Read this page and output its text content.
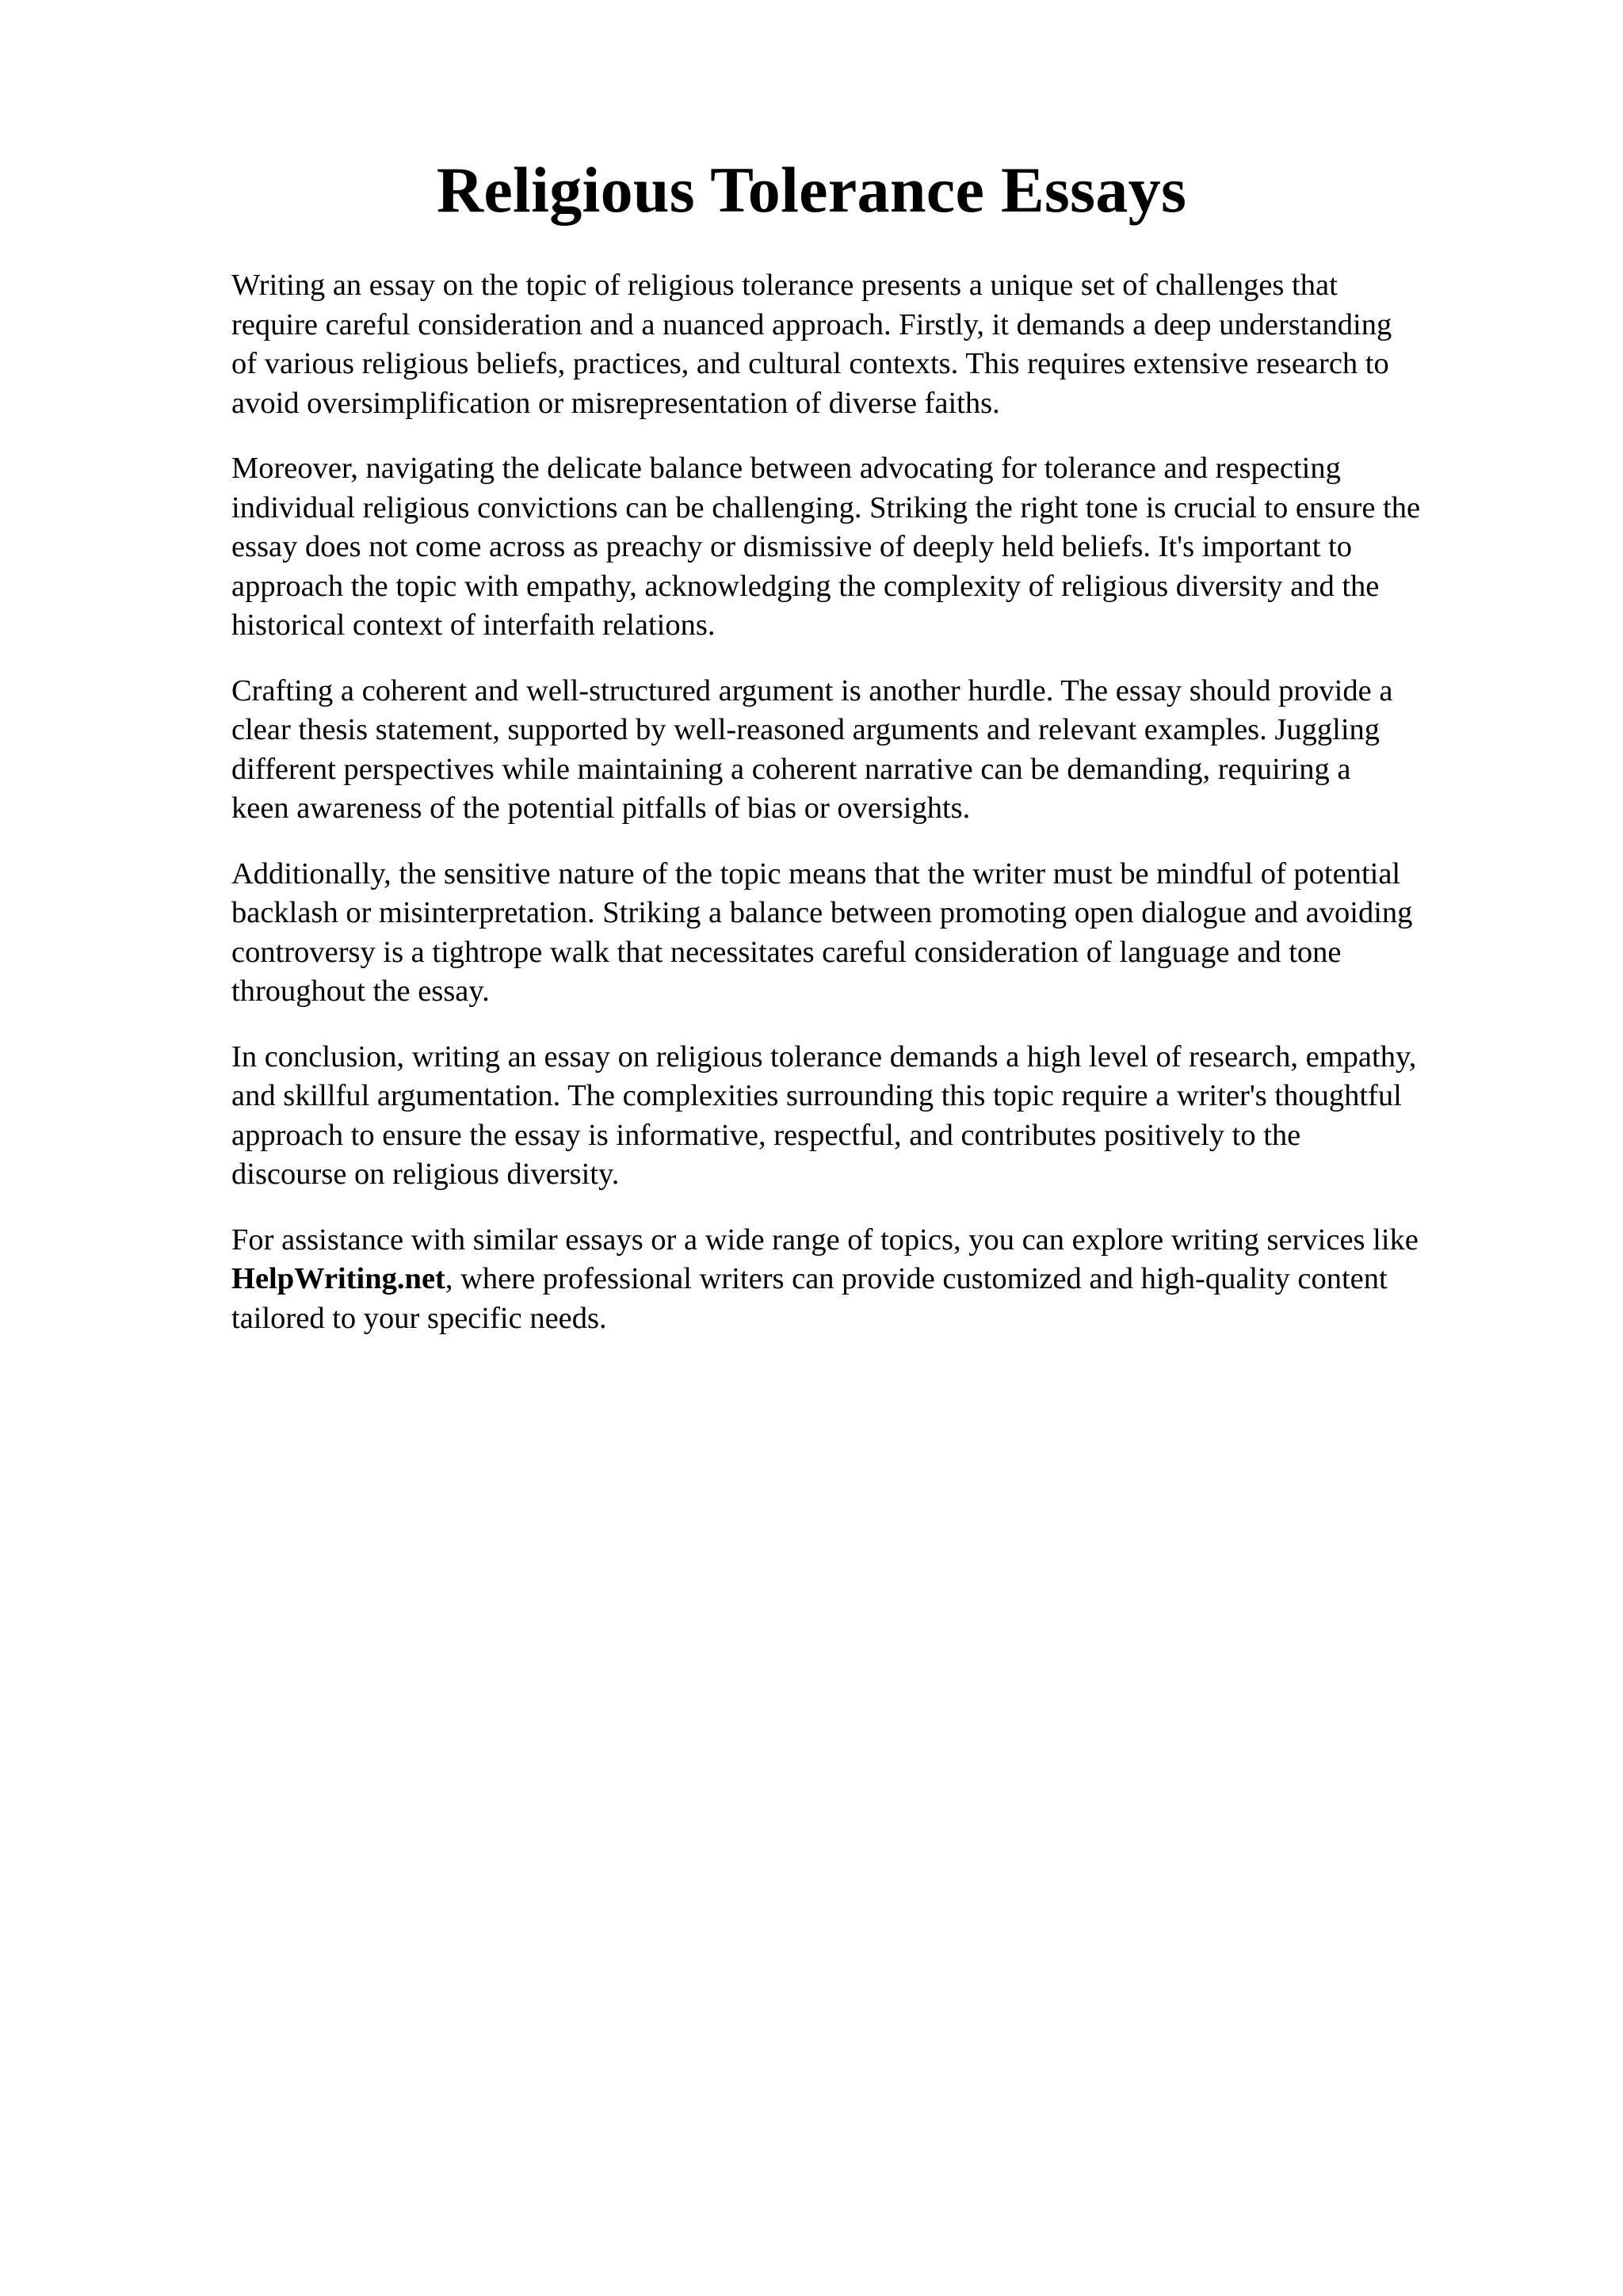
Religious Tolerance Essays

Writing an essay on the topic of religious tolerance presents a unique set of challenges that
require careful consideration and a nuanced approach. Firstly, it demands a deep understanding
of various religious beliefs, practices, and cultural contexts. This requires extensive research to
avoid oversimplification or misrepresentation of diverse faiths.

Moreover, navigating the delicate balance between advocating for tolerance and respecting
individual religious convictions can be challenging. Striking the right tone is crucial to ensure the
essay does not come across as preachy or dismissive of deeply held beliefs. It's important to
approach the topic with empathy, acknowledging the complexity of religious diversity and the
historical context of interfaith relations.

Crafting a coherent and well-structured argument is another hurdle. The essay should provide a
clear thesis statement, supported by well-reasoned arguments and relevant examples. Juggling
different perspectives while maintaining a coherent narrative can be demanding, requiring a
keen awareness of the potential pitfalls of bias or oversights.

Additionally, the sensitive nature of the topic means that the writer must be mindful of potential
backlash or misinterpretation. Striking a balance between promoting open dialogue and avoiding
controversy is a tightrope walk that necessitates careful consideration of language and tone
throughout the essay.

In conclusion, writing an essay on religious tolerance demands a high level of research, empathy,
and skillful argumentation. The complexities surrounding this topic require a writer's thoughtful
approach to ensure the essay is informative, respectful, and contributes positively to the
discourse on religious diversity.

For assistance with similar essays or a wide range of topics, you can explore writing services like
HelpWriting.net, where professional writers can provide customized and high-quality content
tailored to your specific needs.
